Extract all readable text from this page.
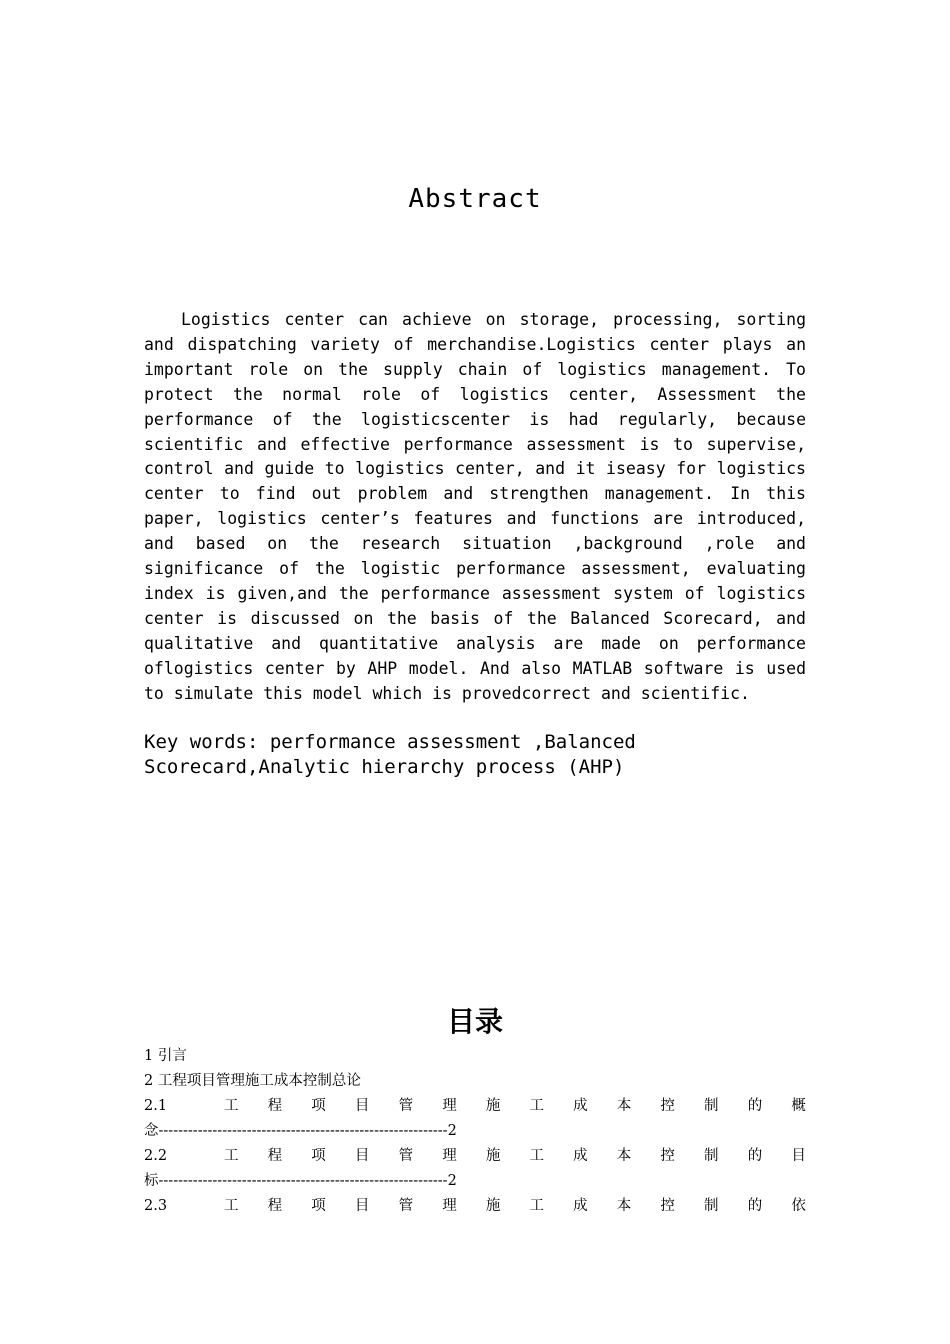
Abstract
Logistics center can achieve on storage, processing, sorting and dispatching variety of merchandise.Logistics center plays an important role on the supply chain of logistics management. To protect the normal role of logistics center, Assessment the performance of the logisticscenter is had regularly, because scientific and effective performance assessment is to supervise, control and guide to logistics center, and it iseasy for logistics center to find out problem and strengthen management. In this paper, logistics center’s features and functions are introduced, and based on the research situation ,background ,role and significance of the logistic performance assessment, evaluating index is given,and the performance assessment system of logistics center is discussed on the basis of the Balanced Scorecard, and qualitative and quantitative analysis are made on performance oflogistics center by AHP model. And also MATLAB software is used to simulate this model which is provedcorrect and scientific.
Key words: performance assessment ,Balanced
Scorecard,Analytic hierarchy process (AHP)
目录
1 引言
2 工程项目管理施工成本控制总论
2.1	工 程 项 目 管 理 施 工 成 本 控 制 的 概
念-----------------------------------------------------------2
2.2	工 程 项 目 管 理 施 工 成 本 控 制 的 目
标-----------------------------------------------------------2
2.3	工 程 项 目 管 理 施 工 成 本 控 制 的 依
